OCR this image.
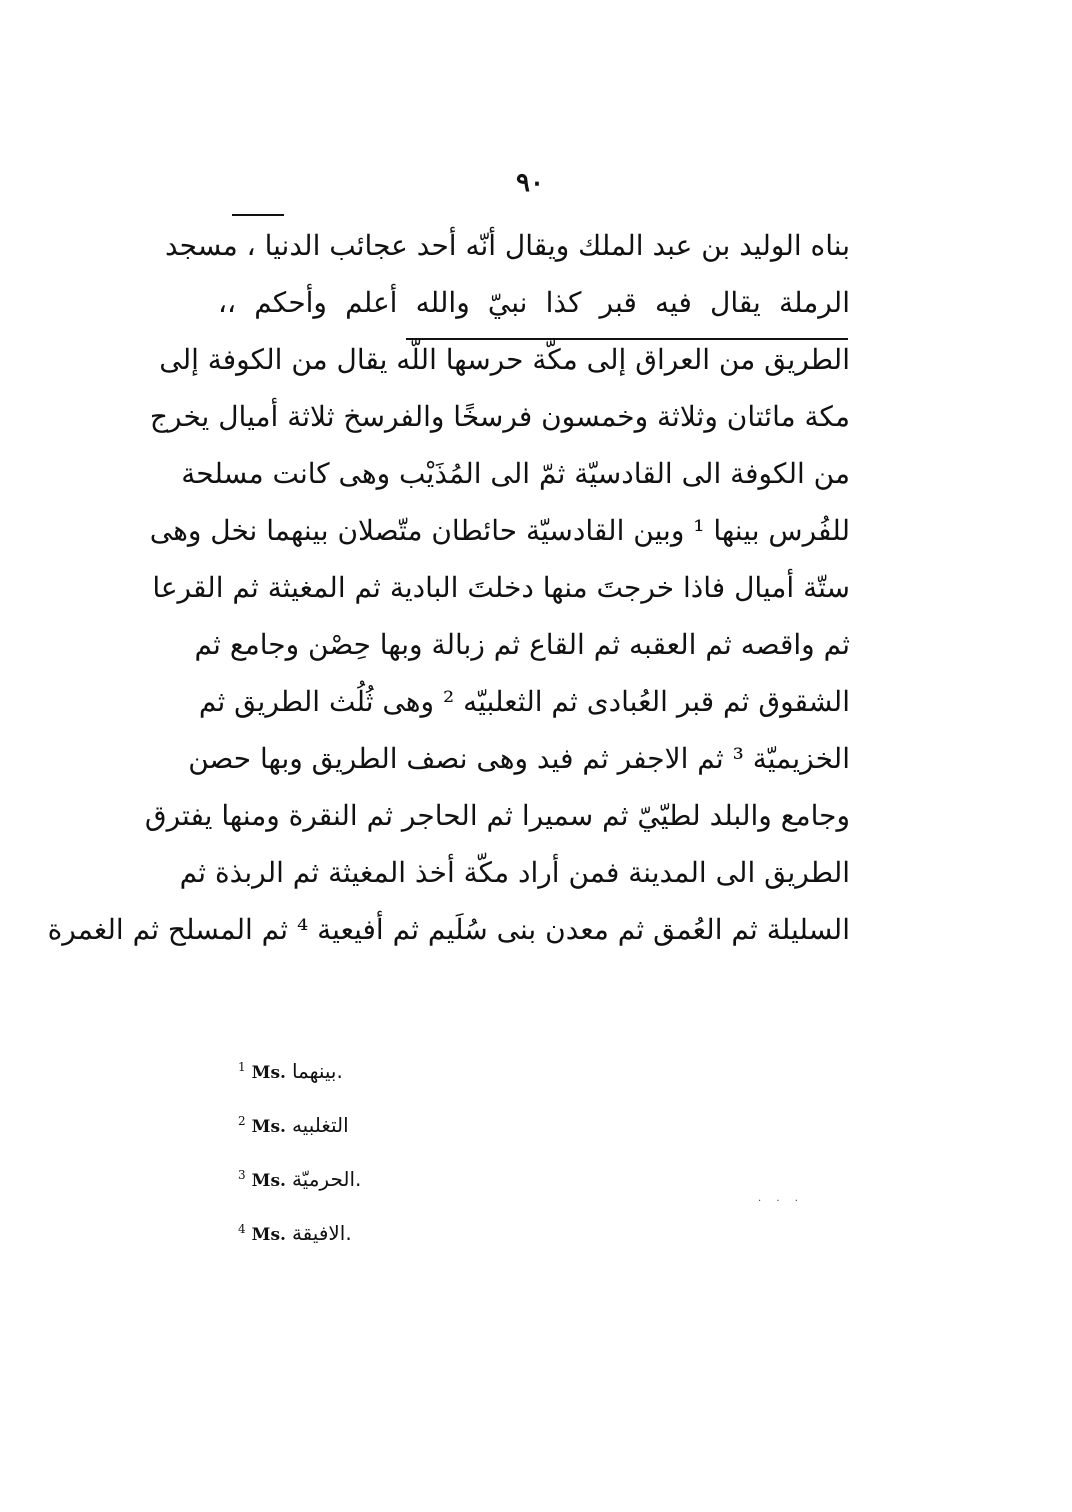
٩٠
بناه الوليد بن عبد الملك ويقال أنّه أحد عجائب الدنيا ، مسجد
الرملة يقال فيه قبر كذا نبيّ والله أعلم وأحكم ،،
الطريق من العراق إلى مكّة حرسها اللّه يقال من الكوفة إلى
مكة مائتان وثلاثة وخمسون فرسخًا والفرسخ ثلاثة أميال يخرج
من الكوفة الى القادسيّة ثمّ الى المُذَيْب وهى كانت مسلحة
للفُرس بينها ¹ وبين القادسيّة حائطان متّصلان بينهما نخل وهى
ستّة أميال فاذا خرجتَ منها دخلتَ البادية ثم المغيثة ثم القرعا
ثم واقصه ثم العقبه ثم القاع ثم زبالة وبها حِصْن وجامع ثم
الشقوق ثم قبر العُبادى ثم الثعلبيّه ² وهى ثُلُث الطريق ثم
الخزيميّة ³ ثم الاجفر ثم فيد وهى نصف الطريق وبها حصن
وجامع والبلد لطيّيّ ثم سميرا ثم الحاجر ثم النقرة ومنها يفترق
الطريق الى المدينة فمن أراد مكّة أخذ المغيثة ثم الربذة ثم
السليلة ثم العُمق ثم معدن بنى سُلَيم ثم أفيعية ⁴ ثم المسلح ثم الغمرة
$^1$ Ms. بينهما.
$^2$ Ms. التغلبيه
$^3$ Ms. الحرميّة.
$^4$ Ms. الافيقة.
· · ·
